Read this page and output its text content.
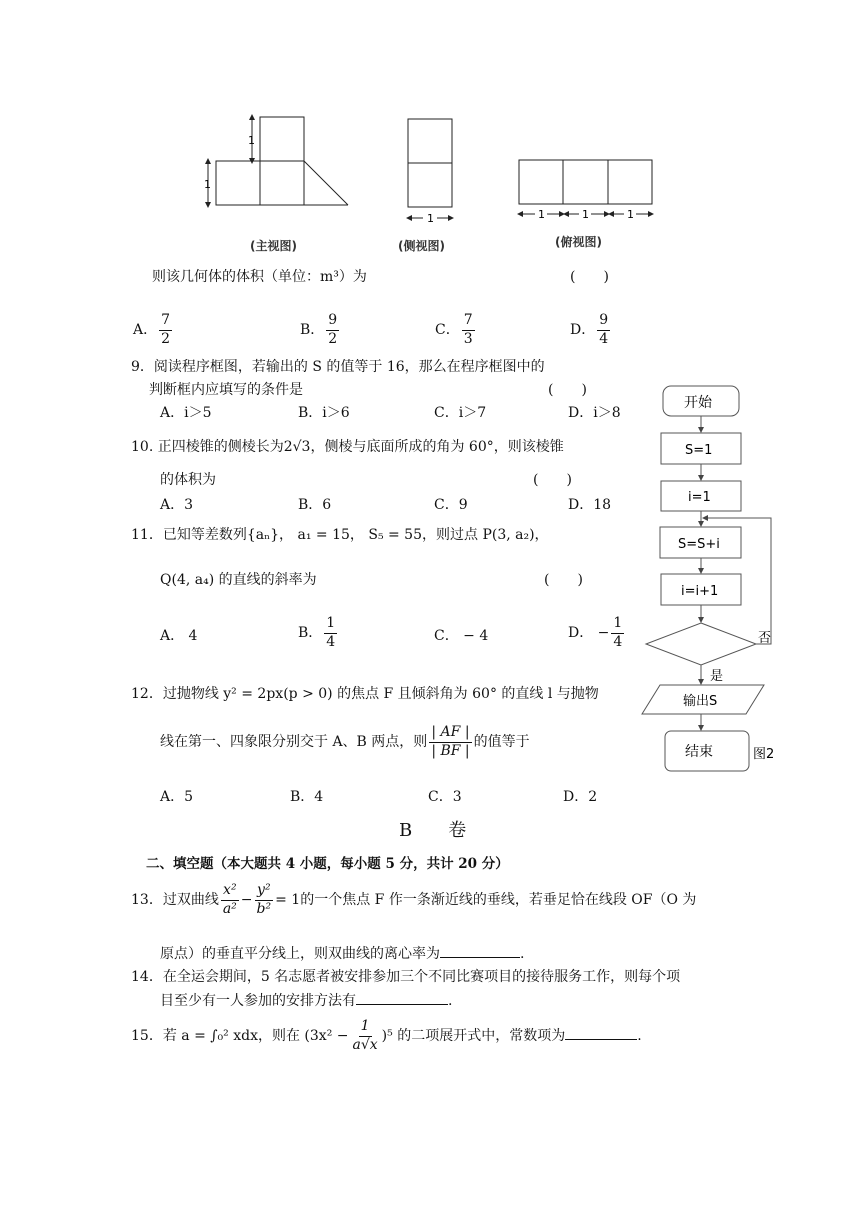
1
1
1	1	1	1
(主视图)	(侧视图)	(俯视图)
则该几何体的体积（单位：m³）为	(　　)
A． $\frac{7}{2}$	B． $\frac{9}{2}$	C． $\frac{7}{3}$	D． $\frac{9}{4}$
9．阅读程序框图，若输出的 S 的值等于 16，那么在程序框图中的
判断框内应填写的条件是	(　　)
A．i＞5	B．i＞6	C．i＞7	D．i＞8
开始
S=1
i=1
S=S+i
i=i+1
否
是
输出S
结束	图2
10. 正四棱锥的侧棱长为2√3，侧棱与底面所成的角为 60°，则该棱锥
的体积为	(　　)
A．3	B．6	C．9	D．18
11．已知等差数列{aₙ}， a₁ = 15， S₅ = 55，则过点 P(3, a₂)，
Q(4, a₄) 的直线的斜率为	(　　)
A． 4	B． $\frac{1}{4}$	C． − 4	D． − $\frac{1}{4}$
12．过抛物线 y² = 2px(p > 0) 的焦点 F 且倾斜角为 60° 的直线 l 与抛物
线在第一、四象限分别交于 A、B 两点，则 $\frac{| AF |}{| BF |}$ 的值等于
A．5	B．4	C．3	D．2
B　　卷
二、填空题（本大题共 4 小题，每小题 5 分，共计 20 分）
13．过双曲线 $\frac{\text{x²}}{\text{a²}} - \frac{\text{y²}}{\text{b²}} = 1$的一个焦点 F 作一条渐近线的垂线，若垂足恰在线段 OF（O 为
原点）的垂直平分线上，则双曲线的离心率为	.
14．在全运会期间，5 名志愿者被安排参加三个不同比赛项目的接待服务工作，则每个项
目至少有一人参加的安排方法有	.
15．若 a = ∫₀² xdx，则在 $(3x^2 - \frac{1}{a√x} )^5$ 的二项展开式中，常数项为	.
